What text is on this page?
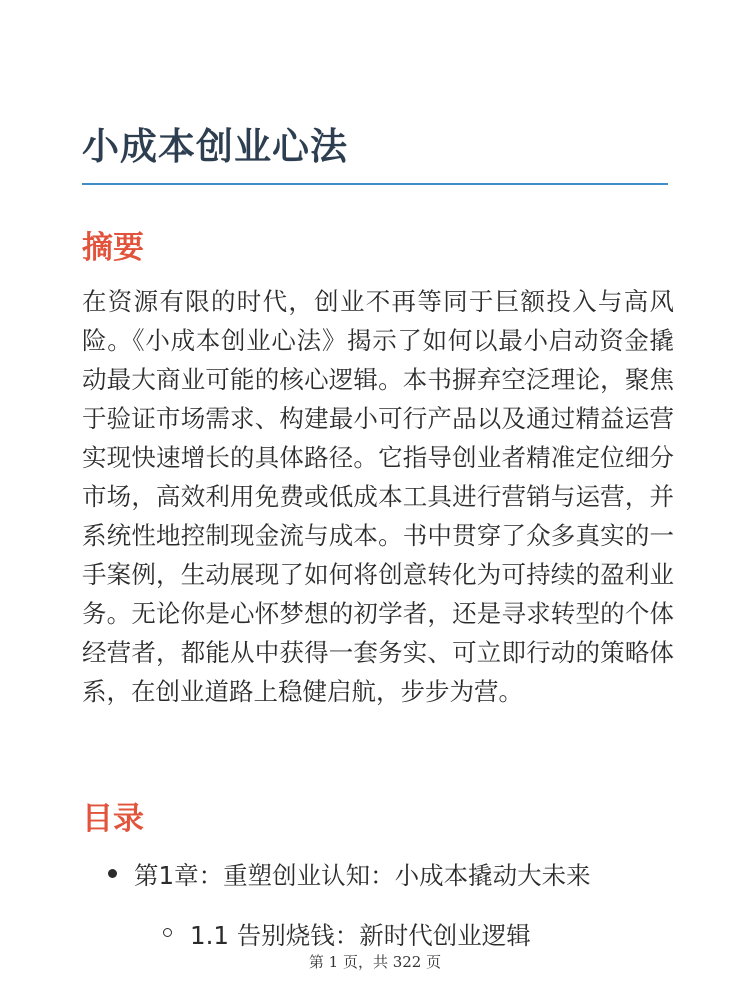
小成本创业心法
摘要
在资源有限的时代，创业不再等同于巨额投入与高风险。《小成本创业心法》揭示了如何以最小启动资金撬动最大商业可能的核心逻辑。本书摒弃空泛理论，聚焦于验证市场需求、构建最小可行产品以及通过精益运营实现快速增长的具体路径。它指导创业者精准定位细分市场，高效利用免费或低成本工具进行营销与运营，并系统性地控制现金流与成本。书中贯穿了众多真实的一手案例，生动展现了如何将创意转化为可持续的盈利业务。无论你是心怀梦想的初学者，还是寻求转型的个体经营者，都能从中获得一套务实、可立即行动的策略体系，在创业道路上稳健启航，步步为营。
目录
第1章：重塑创业认知：小成本撬动大未来
1.1 告别烧钱：新时代创业逻辑
第 1 页，共 322 页
